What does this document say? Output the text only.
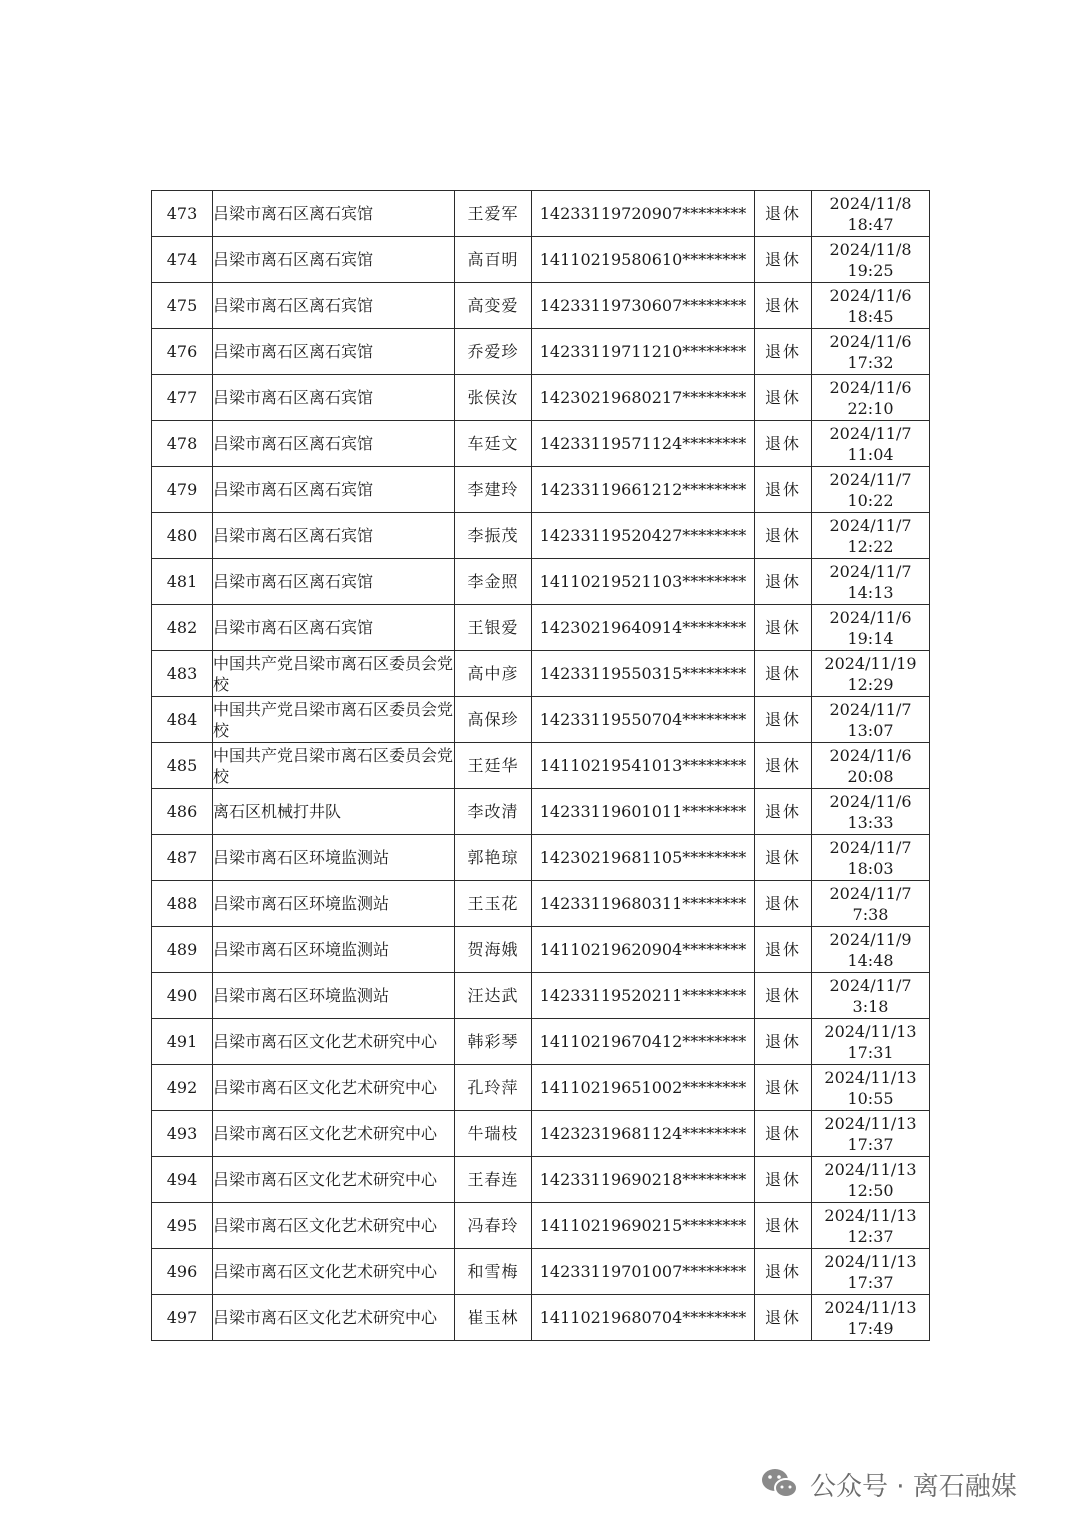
473	吕梁市离石区离石宾馆	王爱军	14233119720907********	退休	2024/11/8
18:47

474	吕梁市离石区离石宾馆	高百明	14110219580610********	退休	2024/11/8
19:25

475	吕梁市离石区离石宾馆	高变爱	14233119730607********	退休	2024/11/6
18:45

476	吕梁市离石区离石宾馆	乔爱珍	14233119711210********	退休	2024/11/6
17:32

477	吕梁市离石区离石宾馆	张侯汝	14230219680217********	退休	2024/11/6
22:10

478	吕梁市离石区离石宾馆	车廷文	14233119571124********	退休	2024/11/7
11:04

479	吕梁市离石区离石宾馆	李建玲	14233119661212********	退休	2024/11/7
10:22

480	吕梁市离石区离石宾馆	李振茂	14233119520427********	退休	2024/11/7
12:22

481	吕梁市离石区离石宾馆	李金照	14110219521103********	退休	2024/11/7
14:13

482	吕梁市离石区离石宾馆	王银爱	14230219640914********	退休	2024/11/6
19:14

483	中国共产党吕梁市离石区委员会党校	高中彦	14233119550315********	退休	2024/11/19
12:29

484	中国共产党吕梁市离石区委员会党校	高保珍	14233119550704********	退休	2024/11/7
13:07

485	中国共产党吕梁市离石区委员会党校	王廷华	14110219541013********	退休	2024/11/6
20:08

486	离石区机械打井队	李改清	14233119601011********	退休	2024/11/6
13:33

487	吕梁市离石区环境监测站	郭艳琼	14230219681105********	退休	2024/11/7
18:03

488	吕梁市离石区环境监测站	王玉花	14233119680311********	退休	2024/11/7
7:38

489	吕梁市离石区环境监测站	贺海娥	14110219620904********	退休	2024/11/9
14:48

490	吕梁市离石区环境监测站	汪达武	14233119520211********	退休	2024/11/7
3:18

491	吕梁市离石区文化艺术研究中心	韩彩琴	14110219670412********	退休	2024/11/13
17:31

492	吕梁市离石区文化艺术研究中心	孔玲萍	14110219651002********	退休	2024/11/13
10:55

493	吕梁市离石区文化艺术研究中心	牛瑞枝	14232319681124********	退休	2024/11/13
17:37

494	吕梁市离石区文化艺术研究中心	王春连	14233119690218********	退休	2024/11/13
12:50

495	吕梁市离石区文化艺术研究中心	冯春玲	14110219690215********	退休	2024/11/13
12:37

496	吕梁市离石区文化艺术研究中心	和雪梅	14233119701007********	退休	2024/11/13
17:37

497	吕梁市离石区文化艺术研究中心	崔玉林	14110219680704********	退休	2024/11/13
17:49
公众号 · 离石融媒
